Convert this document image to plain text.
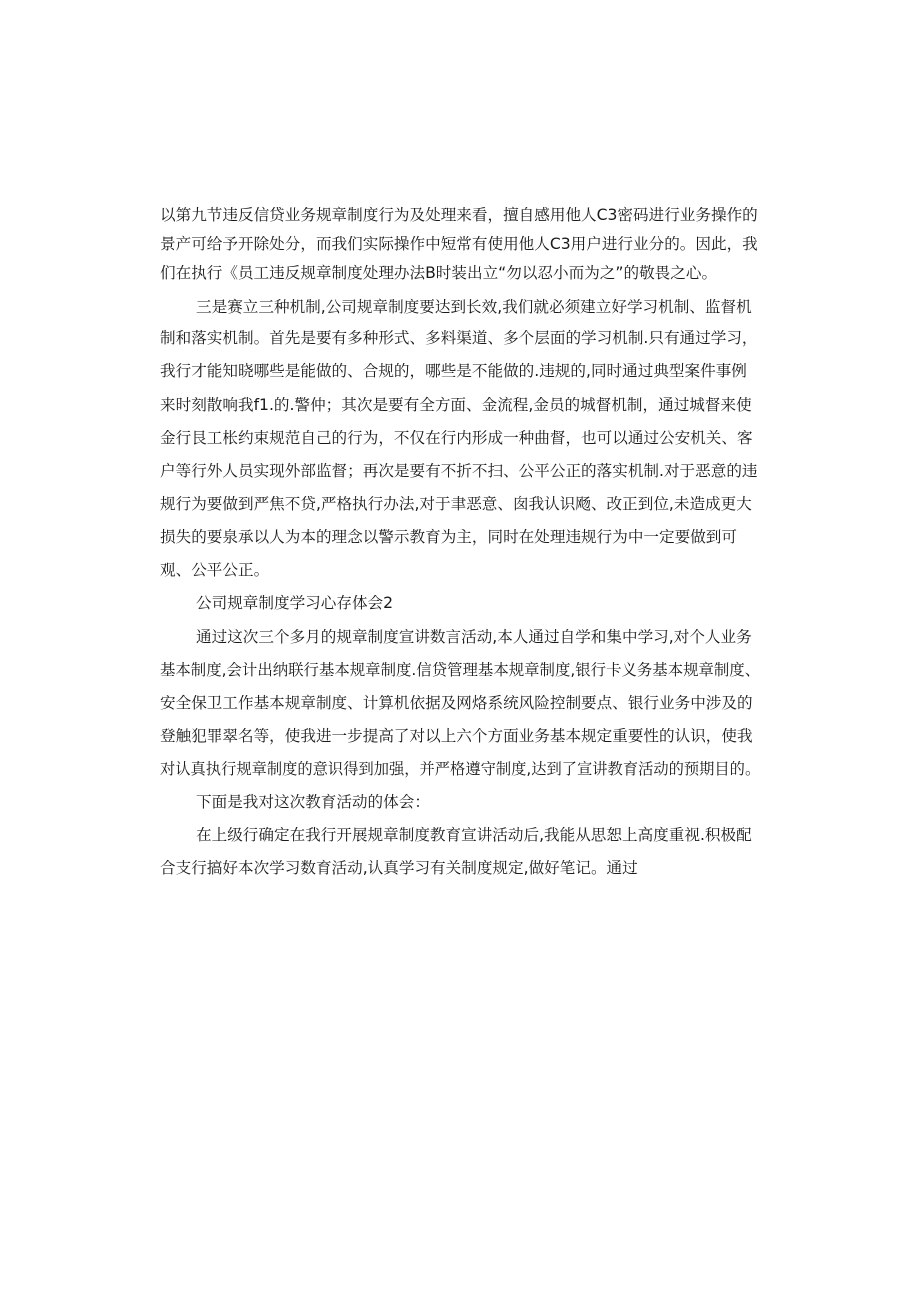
以第九节违反信贷业务规章制度行为及处理来看，擅自感用他人C3密码进行业务操作的
景产可给予开除处分，而我们实际操作中短常有使用他人C3用户进行业分的。因此，我
们在执行《员工违反规章制度处理办法B时装出立“勿以忍小而为之”的敬畏之心。
三是赛立三种机制,公司规章制度要达到长效,我们就必须建立好学习机制、监督机
制和落实机制。首先是要有多种形式、多料渠道、多个层面的学习机制.只有通过学习，
我行才能知晓哪些是能做的、合规的，哪些是不能做的.违规的,同时通过典型案件事例
来时刻散响我f1.的.警仲；其次是要有全方面、金流程,金员的城督机制，通过城督来使
金行艮工枨约束规范自己的行为，不仅在行内形成一种曲督，也可以通过公安机关、客
户等行外人员实现外部监督；再次是要有不折不扫、公平公正的落实机制.对于恶意的违
规行为要做到严焦不贷,严格执行办法,对于聿恶意、囱我认识飏、改正到位,未造成更大
损失的要泉承以人为本的理念以警示教育为主，同时在处理违规行为中一定要做到可
观、公平公正。
公司规章制度学习心存体会2
通过这次三个多月的规章制度宣讲数言活动,本人通过自学和集中学习,对个人业务
基本制度,会计出纳联行基本规章制度.信贷管理基本规章制度,银行卡义务基本规章制度、
安全保卫工作基本规章制度、计算机依据及网烙系统风险控制要点、银行业务中涉及的
登触犯罪翠名等，使我进一步提高了对以上六个方面业务基本规定重要性的认识，使我
对认真执行规章制度的意识得到加强，并严格遵守制度,达到了宣讲教育活动的预期目的。
下面是我对这次教育活动的体会：
在上级行确定在我行开展规章制度教育宣讲活动后,我能从思恕上高度重视.积极配
合支行搞好本次学习数育活动,认真学习有关制度规定,做好笔记。通过
